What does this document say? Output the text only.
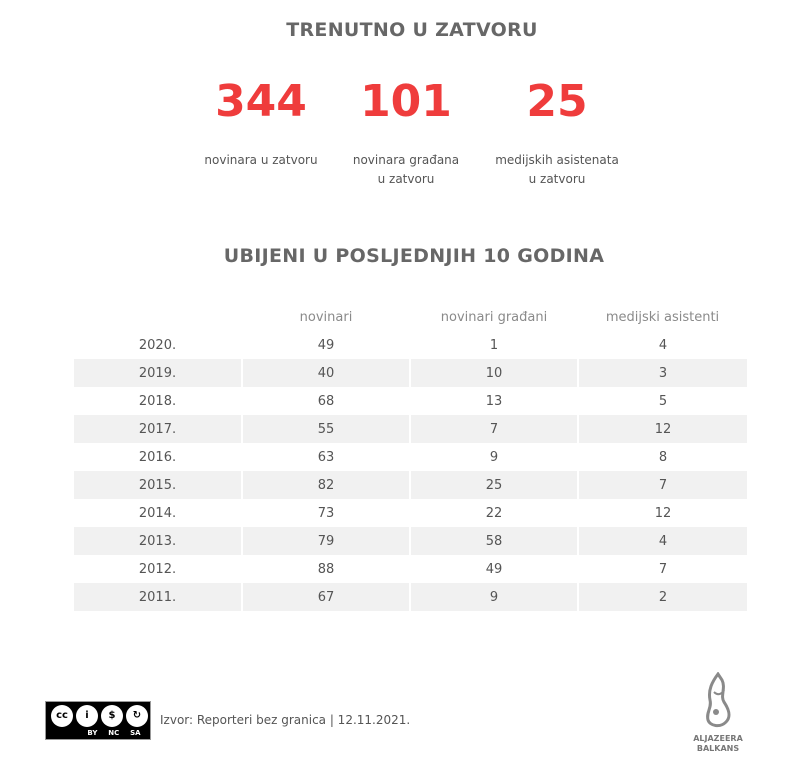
TRENUTNO U ZATVORU
344
novinara u zatvoru
101
novinara građana
u zatvoru
25
medijskih asistenata
u zatvoru
UBIJENI U POSLJEDNJIH 10 GODINA
	novinari	novinari građani	medijski asistenti
2020.	49	1	4
2019.	40	10	3
2018.	68	13	5
2017.	55	7	12
2016.	63	9	8
2015.	82	25	7
2014.	73	22	12
2013.	79	58	4
2012.	88	49	7
2011.	67	9	2
cc	i	$	↻
BY NC SA
Izvor: Reporteri bez granica | 12.11.2021.
ALJAZEERA
BALKANS
